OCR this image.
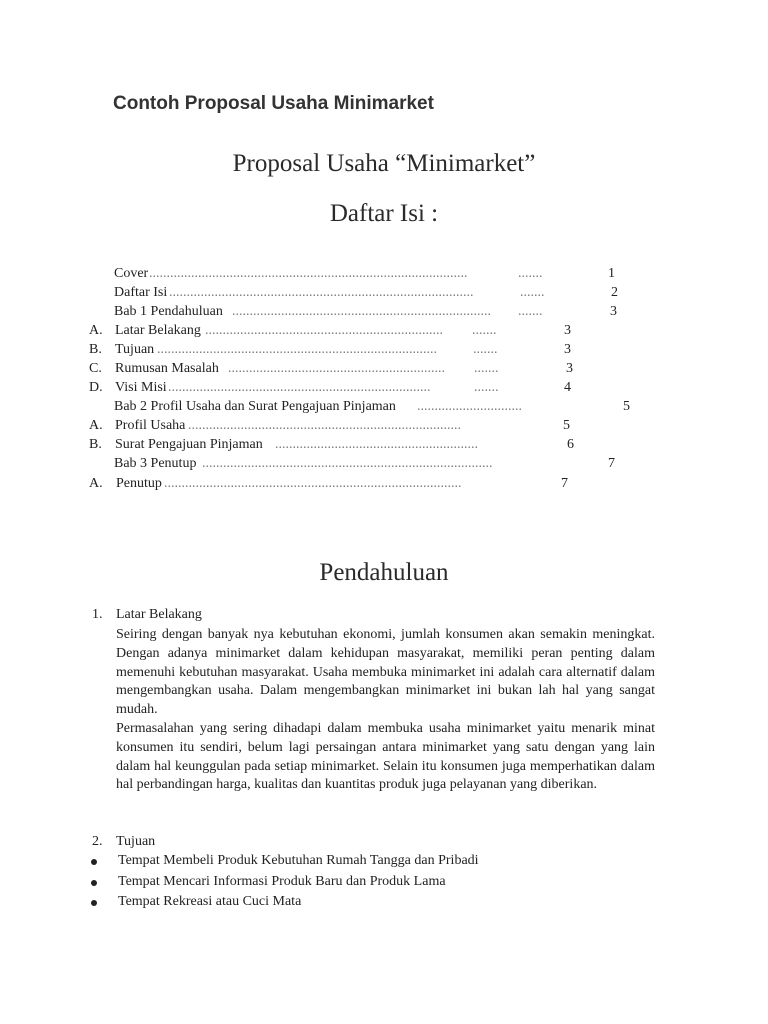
Contoh Proposal Usaha Minimarket
Proposal Usaha “Minimarket”
Daftar Isi :
Cover ...........................................................................................	.......	1
Daftar Isi .......................................................................................	.......	2
Bab 1 Pendahuluan .......................................................................... .......	3
A. Latar Belakang .................................................................... .......	3
B. Tujuan ................................................................................	.......	3
C. Rumusan Masalah .............................................................. .......	3
D. Visi Misi ...........................................................................	.......	4
Bab 2 Profil Usaha dan Surat Pengajuan Pinjaman ..............................	5
A. Profil Usaha ..............................................................................	5
B. Surat Pengajuan Pinjaman ..........................................................	6
Bab 3 Penutup ...................................................................................	7
A. Penutup .....................................................................................	7
Pendahuluan
1. Latar Belakang
Seiring dengan banyak nya kebutuhan ekonomi, jumlah konsumen akan semakin meningkat. Dengan adanya minimarket dalam kehidupan masyarakat, memiliki peran penting dalam memenuhi kebutuhan masyarakat. Usaha membuka minimarket ini adalah cara alternatif dalam mengembangkan usaha. Dalam mengembangkan minimarket ini bukan lah hal yang sangat mudah.
Permasalahan yang sering dihadapi dalam membuka usaha minimarket yaitu menarik minat konsumen itu sendiri, belum lagi persaingan antara minimarket yang satu dengan yang lain dalam hal keunggulan pada setiap minimarket. Selain itu konsumen juga memperhatikan dalam hal perbandingan harga, kualitas dan kuantitas produk juga pelayanan yang diberikan.
2. Tujuan
Tempat Membeli Produk Kebutuhan Rumah Tangga dan Pribadi
Tempat Mencari Informasi Produk Baru dan Produk Lama
Tempat Rekreasi atau Cuci Mata
